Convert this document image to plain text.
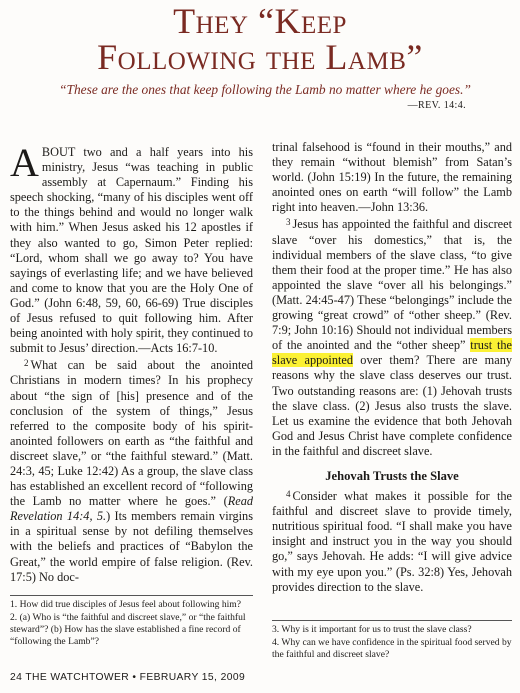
They “Keep
Following the Lamb”
“These are the ones that keep following the Lamb no matter where he goes.”
—REV. 14:4.

ABOUT two and a half years into his ministry, Jesus “was teaching in public assembly at Capernaum.” Finding his speech shocking, “many of his disciples went off to the things behind and would no longer walk with him.” When Jesus asked his 12 apostles if they also wanted to go, Simon Peter replied: “Lord, whom shall we go away to? You have sayings of everlasting life; and we have believed and come to know that you are the Holy One of God.” (John 6:48, 59, 60, 66-69) True disciples of Jesus refused to quit following him. After being anointed with holy spirit, they continued to submit to Jesus’ direction.—Acts 16:7-10.

$^2$ What can be said about the anointed Christians in modern times? In his prophecy about “the sign of [his] presence and of the conclusion of the system of things,” Jesus referred to the composite body of his spirit-anointed followers on earth as “the faithful and discreet slave,” or “the faithful steward.” (Matt. 24:3, 45; Luke 12:42) As a group, the slave class has established an excellent record of “following the Lamb no matter where he goes.” (Read Revelation 14:4, 5.) Its members remain virgins in a spiritual sense by not defiling themselves with the beliefs and practices of “Babylon the Great,” the world empire of false religion. (Rev. 17:5) No doc-

trinal falsehood is “found in their mouths,” and they remain “without blemish” from Satan’s world. (John 15:19) In the future, the remaining anointed ones on earth “will follow” the Lamb right into heaven.—John 13:36.

$^3$ Jesus has appointed the faithful and discreet slave “over his domestics,” that is, the individual members of the slave class, “to give them their food at the proper time.” He has also appointed the slave “over all his belongings.” (Matt. 24:45-47) These “belongings” include the growing “great crowd” of “other sheep.” (Rev. 7:9; John 10:16) Should not individual members of the anointed and the “other sheep” trust the slave appointed over them? There are many reasons why the slave class deserves our trust. Two outstanding reasons are: (1) Jehovah trusts the slave class. (2) Jesus also trusts the slave. Let us examine the evidence that both Jehovah God and Jesus Christ have complete confidence in the faithful and discreet slave.

Jehovah Trusts the Slave

$^4$ Consider what makes it possible for the faithful and discreet slave to provide timely, nutritious spiritual food. “I shall make you have insight and instruct you in the way you should go,” says Jehovah. He adds: “I will give advice with my eye upon you.” (Ps. 32:8) Yes, Jehovah provides direction to the slave.

1. How did true disciples of Jesus feel about following him?

2. (a) Who is “the faithful and discreet slave,” or “the faithful steward”? (b) How has the slave established a fine record of “following the Lamb”?

3. Why is it important for us to trust the slave class?

4. Why can we have confidence in the spiritual food served by the faithful and discreet slave?

24 THE WATCHTOWER • FEBRUARY 15, 2009
